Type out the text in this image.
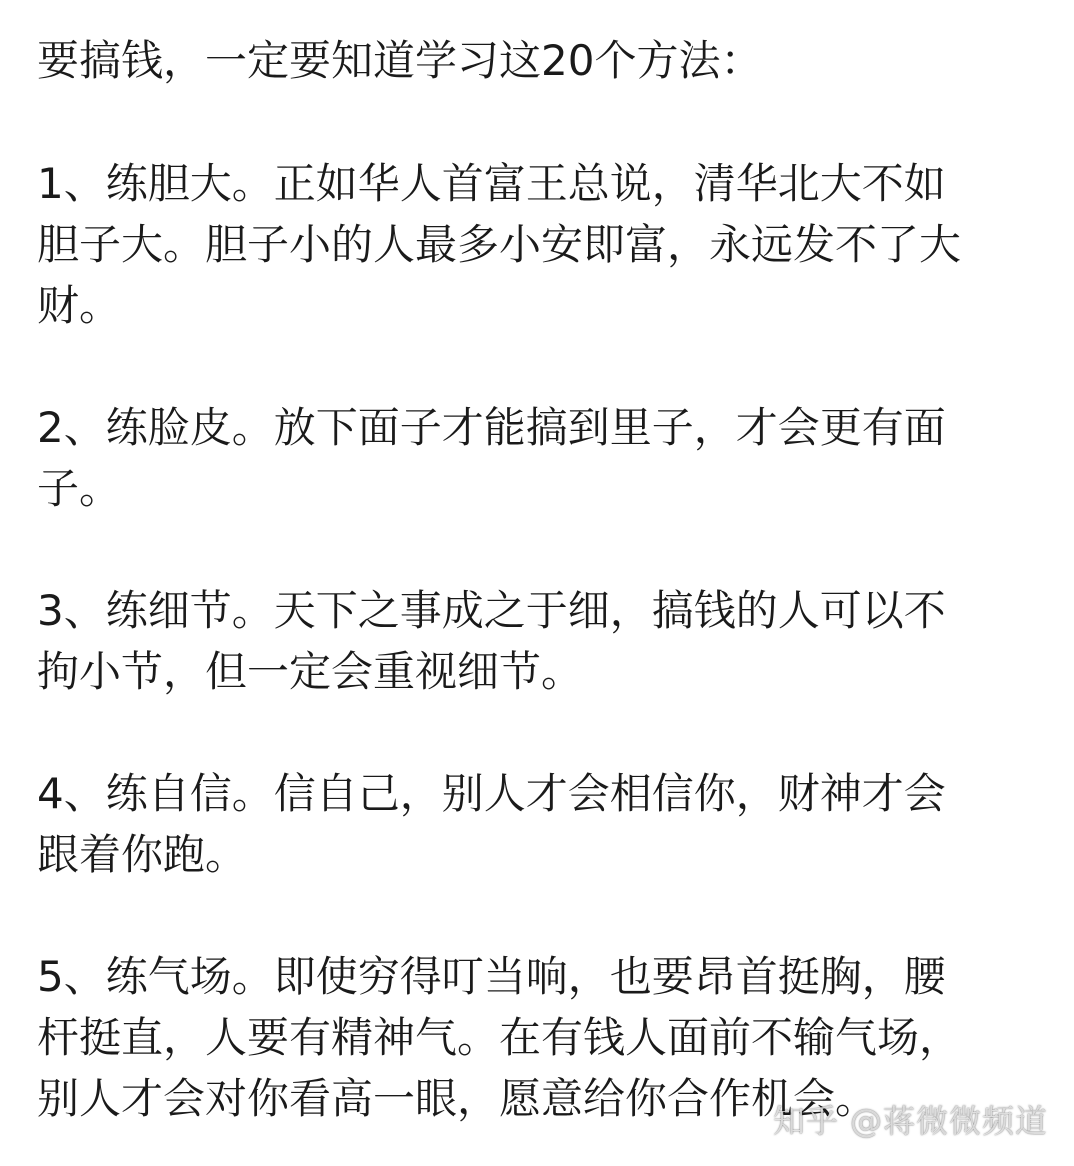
要搞钱，一定要知道学习这20个方法：

1、练胆大。正如华人首富王总说，清华北大不如
胆子大。胆子小的人最多小安即富，永远发不了大
财。
2、练脸皮。放下面子才能搞到里子，才会更有面
子。
3、练细节。天下之事成之于细，搞钱的人可以不
拘小节，但一定会重视细节。
4、练自信。信自己，别人才会相信你，财神才会
跟着你跑。
5、练气场。即使穷得叮当响，也要昂首挺胸，腰
杆挺直，人要有精神气。在有钱人面前不输气场，
别人才会对你看高一眼，愿意给你合作机会。
知乎 @蒋微微频道
